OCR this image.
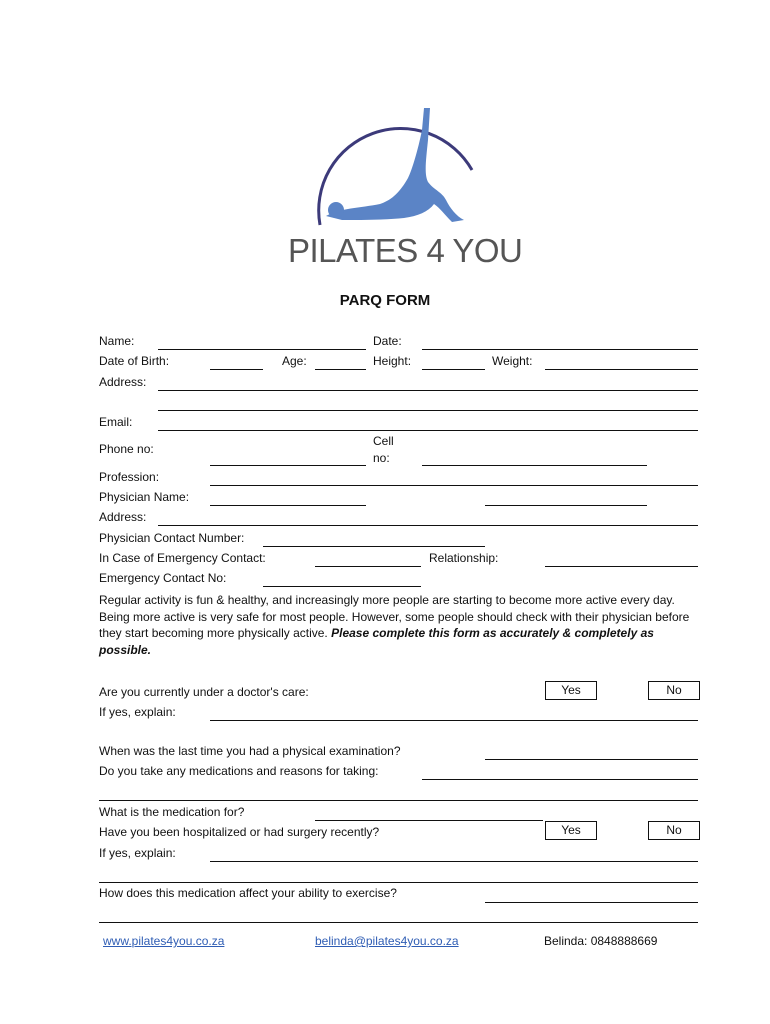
PILATES 4 YOU
PARQ FORM
Name:	Date:
Date of Birth:	Age:	Height:	Weight:
Address:
Email:
Phone no:
Cell
no:
Profession:
Physician Name:
Address:
Physician Contact Number:
In Case of Emergency Contact:	Relationship:
Emergency Contact No:
Regular activity is fun & healthy, and increasingly more people are starting to become more active every day. Being more active is very safe for most people. However, some people should check with their physician before they start becoming more physically active. Please complete this form as accurately & completely as possible.
Are you currently under a doctor's care:	Yes	No
If yes, explain:
When was the last time you had a physical examination?
Do you take any medications and reasons for taking:
What is the medication for?
Have you been hospitalized or had surgery recently?	Yes	No
If yes, explain:
How does this medication affect your ability to exercise?
www.pilates4you.co.za	belinda@pilates4you.co.za	Belinda: 0848888669
